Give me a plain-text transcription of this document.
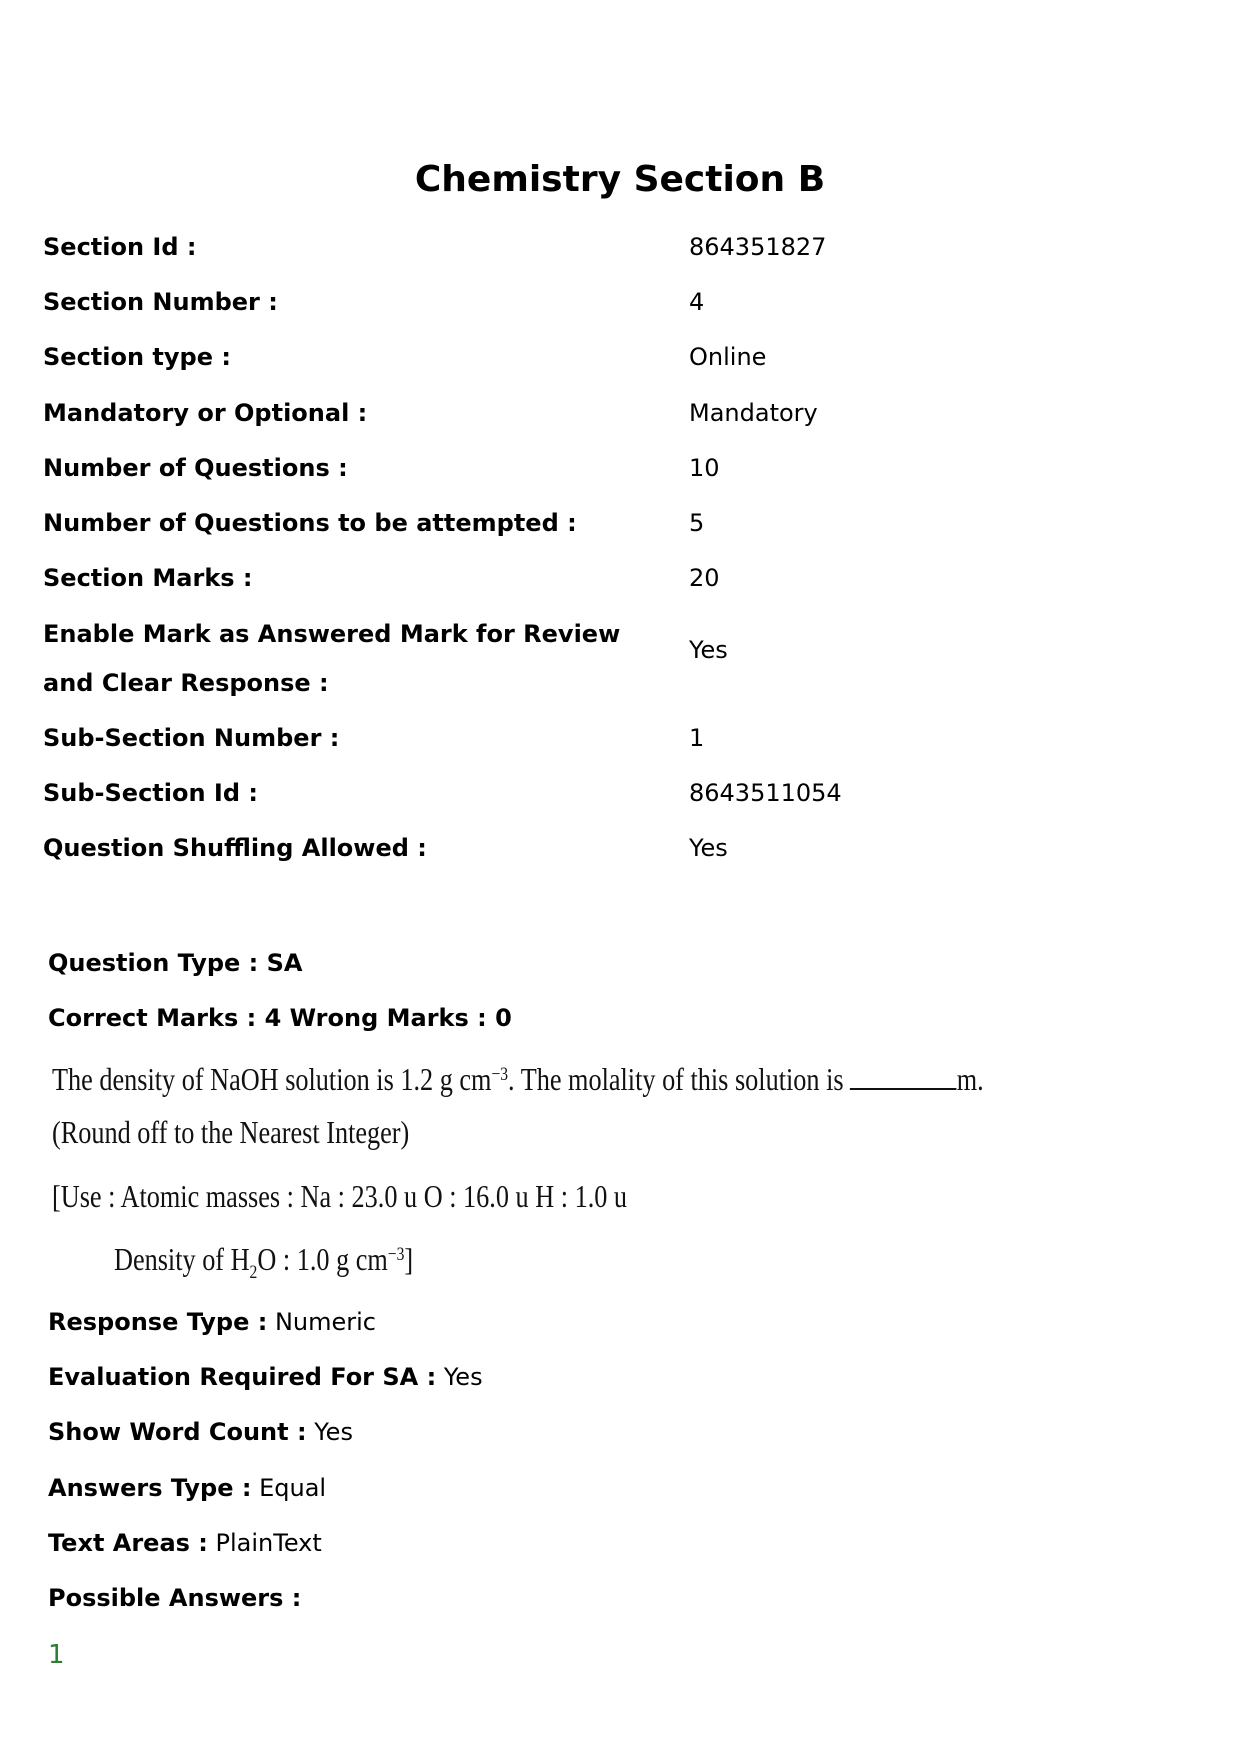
Chemistry Section B
Section Id :	864351827
Section Number :	4
Section type :	Online
Mandatory or Optional :	Mandatory
Number of Questions :	10
Number of Questions to be attempted :	5
Section Marks :	20
Enable Mark as Answered Mark for Review and Clear Response :
Yes
Sub-Section Number :	1
Sub-Section Id :	8643511054
Question Shuffling Allowed :	Yes
Question Type : SA
Correct Marks : 4 Wrong Marks : 0
The density of NaOH solution is 1.2 g $cm^{-3}$. The molality of this solution is	m.
(Round off to the Nearest Integer)
[Use : Atomic masses : Na : 23.0 u O : 16.0 u H : 1.0 u
Density of $H_2O$ : 1.0 g $cm^{-3}$]
Response Type : Numeric
Evaluation Required For SA : Yes
Show Word Count : Yes
Answers Type : Equal
Text Areas : PlainText
Possible Answers :
1
